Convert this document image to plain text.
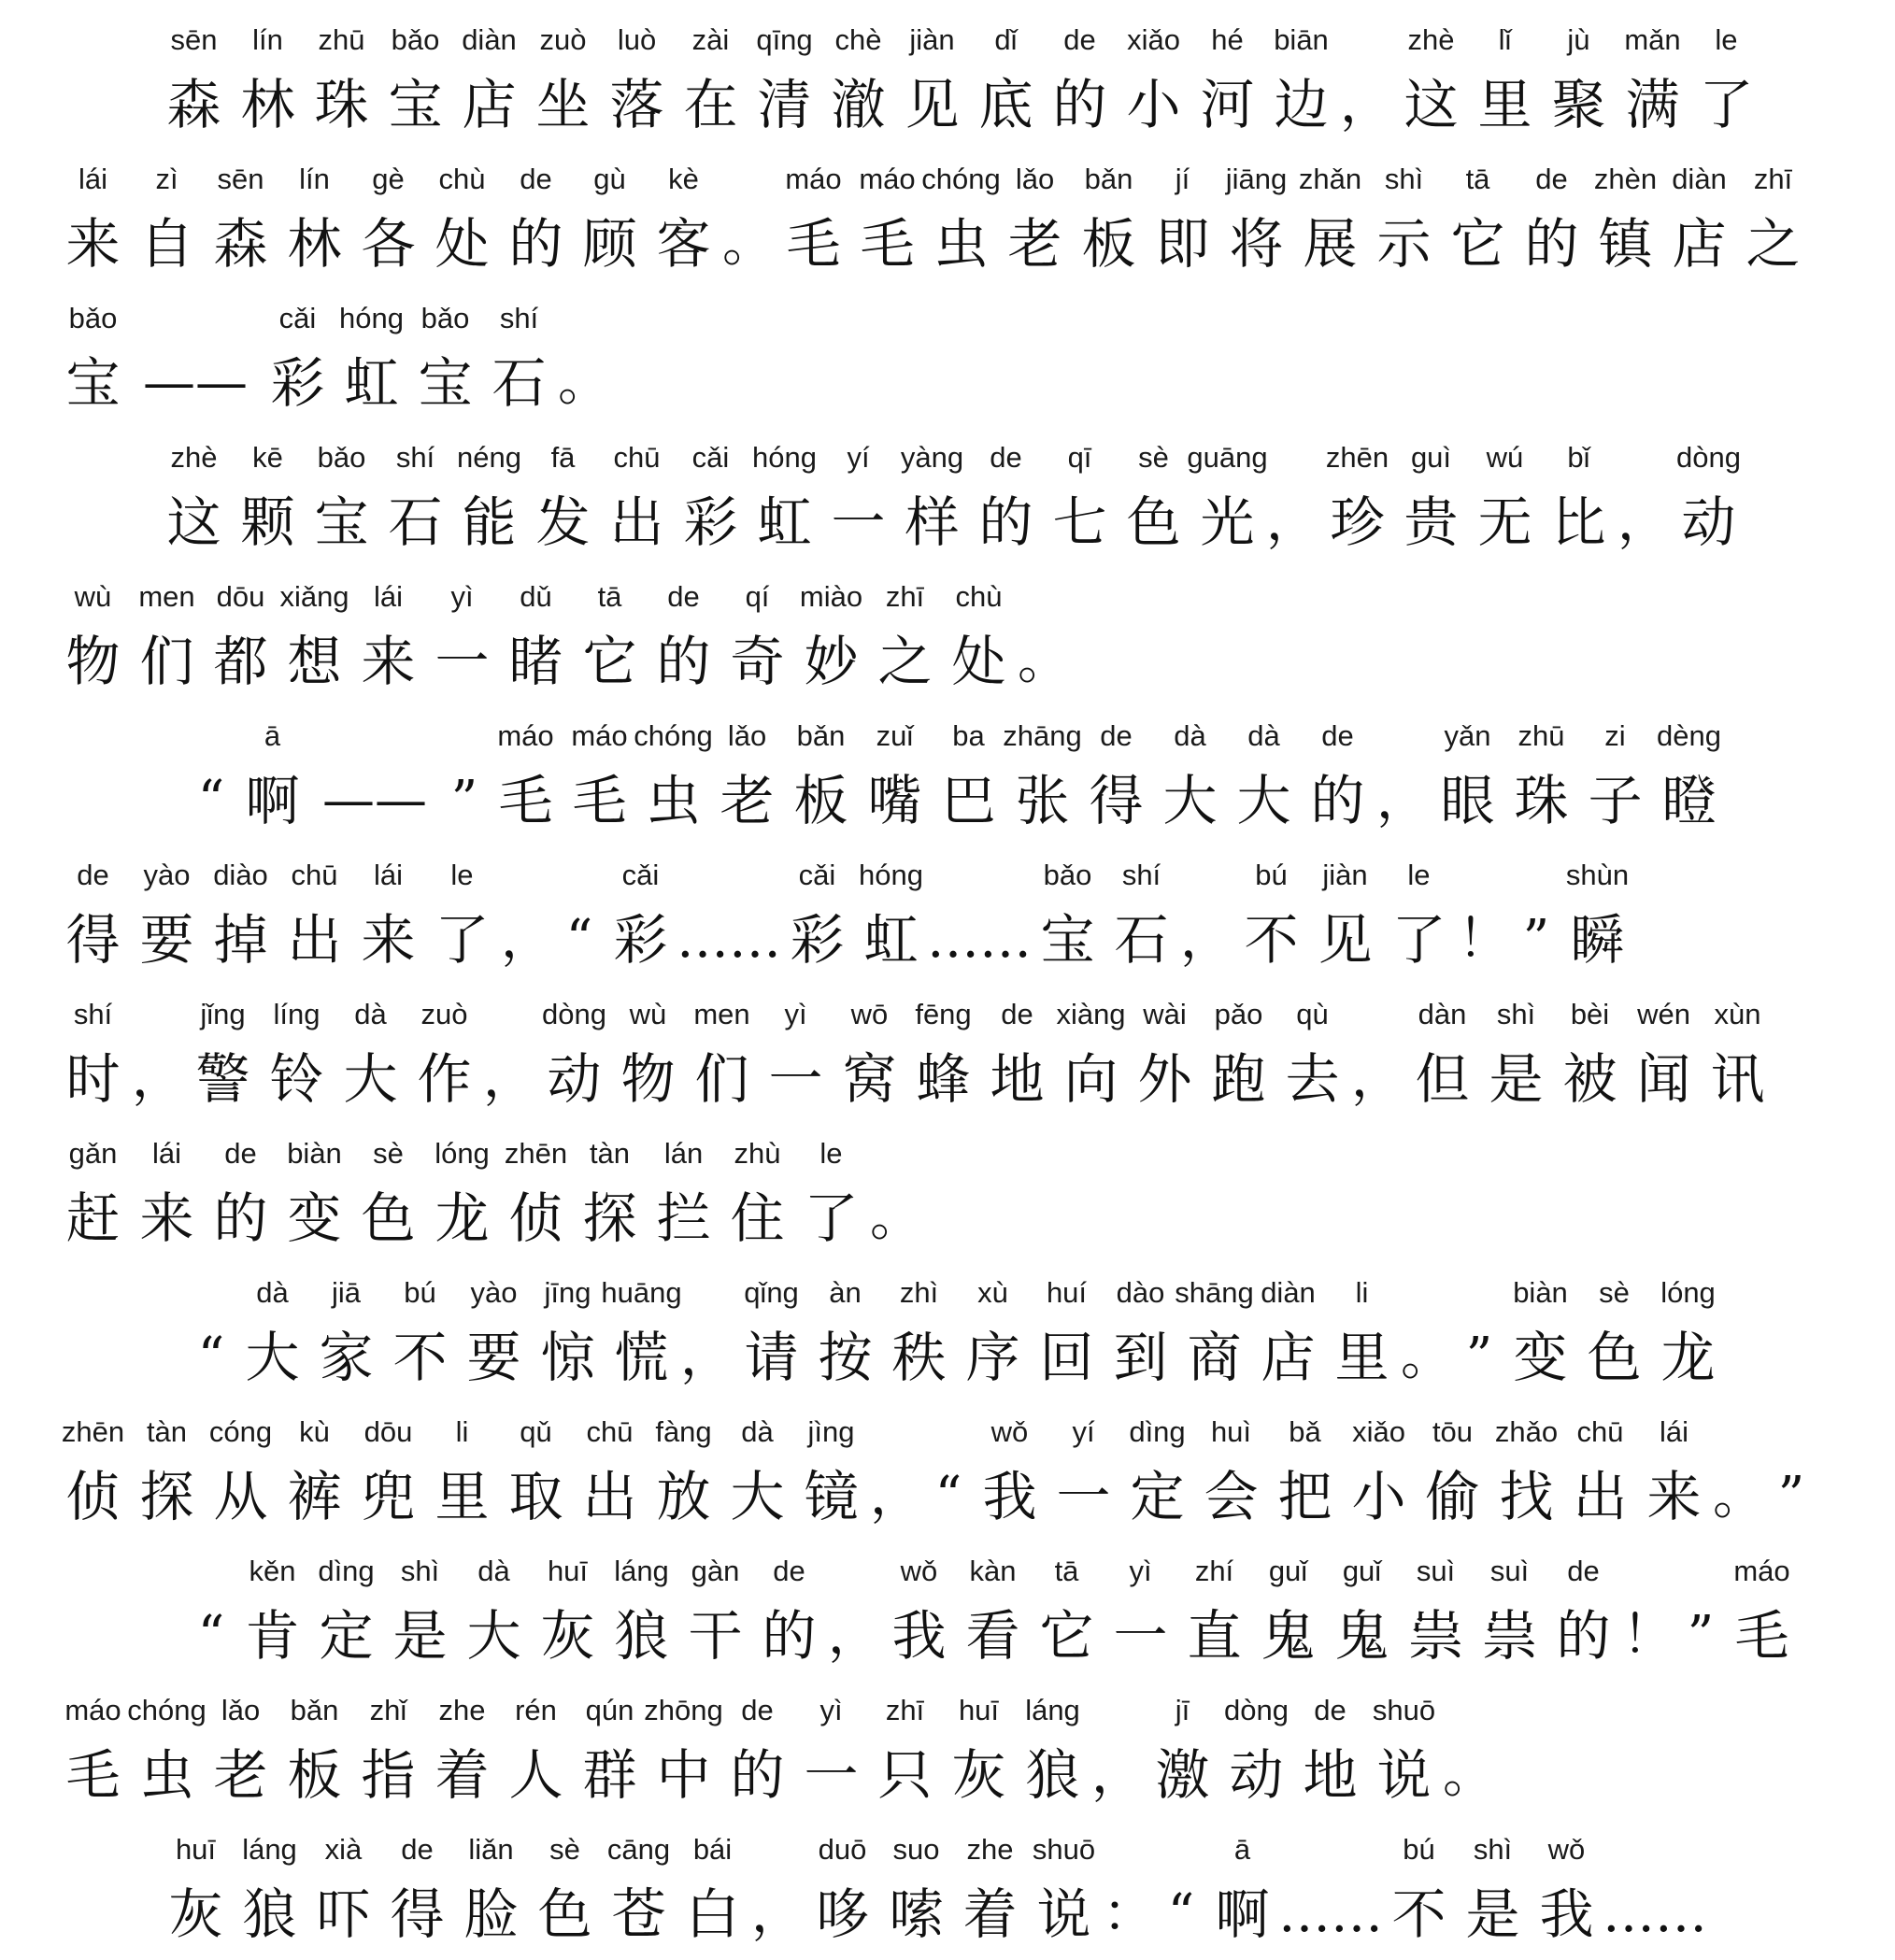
sēn
森
lín
林
zhū
珠
bǎo
宝
diàn
店
zuò
坐
luò
落
zài
在
qīng
清
chè
澈
jiàn
见
dǐ
底
de
的
xiǎo
小
hé
河
biān
边 ，
zhè
这
lǐ
里
jù
聚
mǎn
满
le
了
lái
来
zì
自
sēn
森
lín
林
gè
各
chù
处
de
的
gù
顾
kè
客 。
máo
毛
máo
毛
chóng
虫
lǎo
老
bǎn
板
jí
即
jiāng
将
zhǎn
展
shì
示
tā
它
de
的
zhèn
镇
diàn
店
zhī
之
bǎo
宝 ——
cǎi
彩
hóng
虹
bǎo
宝
shí
石 。
zhè
这
kē
颗
bǎo
宝
shí
石
néng
能
fā
发
chū
出
cǎi
彩
hóng
虹
yí
一
yàng
样
de
的
qī
七
sè
色
guāng
光 ，
zhēn
珍
guì
贵
wú
无
bǐ
比 ，
dòng
动
wù
物
men
们
dōu
都
xiǎng
想
lái
来
yì
一
dǔ
睹
tā
它
de
的
qí
奇
miào
妙
zhī
之
chù
处 。
“
ā
啊 —— ”
máo
毛
máo
毛
chóng
虫
lǎo
老
bǎn
板
zuǐ
嘴
ba
巴
zhāng
张
de
得
dà
大
dà
大
de
的 ，
yǎn
眼
zhū
珠
zi
子
dèng
瞪
de
得
yào
要
diào
掉
chū
出
lái
来
le
了 ， “
cǎi
彩 ……
cǎi
彩
hóng
虹 ……
bǎo
宝
shí
石 ，
bú
不
jiàn
见
le
了 ！ ”
shùn
瞬
shí
时 ，
jǐng
警
líng
铃
dà
大
zuò
作 ，
dòng
动
wù
物
men
们
yì
一
wō
窝
fēng
蜂
de
地
xiàng
向
wài
外
pǎo
跑
qù
去 ，
dàn
但
shì
是
bèi
被
wén
闻
xùn
讯
gǎn
赶
lái
来
de
的
biàn
变
sè
色
lóng
龙
zhēn
侦
tàn
探
lán
拦
zhù
住
le
了 。
“
dà
大
jiā
家
bú
不
yào
要
jīng
惊
huāng
慌 ，
qǐng
请
àn
按
zhì
秩
xù
序
huí
回
dào
到
shāng
商
diàn
店
li
里 。 ”
biàn
变
sè
色
lóng
龙
zhēn
侦
tàn
探
cóng
从
kù
裤
dōu
兜
li
里
qǔ
取
chū
出
fàng
放
dà
大
jìng
镜 ， “
wǒ
我
yí
一
dìng
定
huì
会
bǎ
把
xiǎo
小
tōu
偷
zhǎo
找
chū
出
lái
来 。 ”
“
kěn
肯
dìng
定
shì
是
dà
大
huī
灰
láng
狼
gàn
干
de
的 ，
wǒ
我
kàn
看
tā
它
yì
一
zhí
直
guǐ
鬼
guǐ
鬼
suì
祟
suì
祟
de
的 ！ ”
máo
毛
máo
毛
chóng
虫
lǎo
老
bǎn
板
zhǐ
指
zhe
着
rén
人
qún
群
zhōng
中
de
的
yì
一
zhī
只
huī
灰
láng
狼 ，
jī
激
dòng
动
de
地
shuō
说 。
huī
灰
láng
狼
xià
吓
de
得
liǎn
脸
sè
色
cāng
苍
bái
白 ，
duō
哆
suo
嗦
zhe
着
shuō
说 ： “
ā
啊 ……
bú
不
shì
是
wǒ
我 ……
